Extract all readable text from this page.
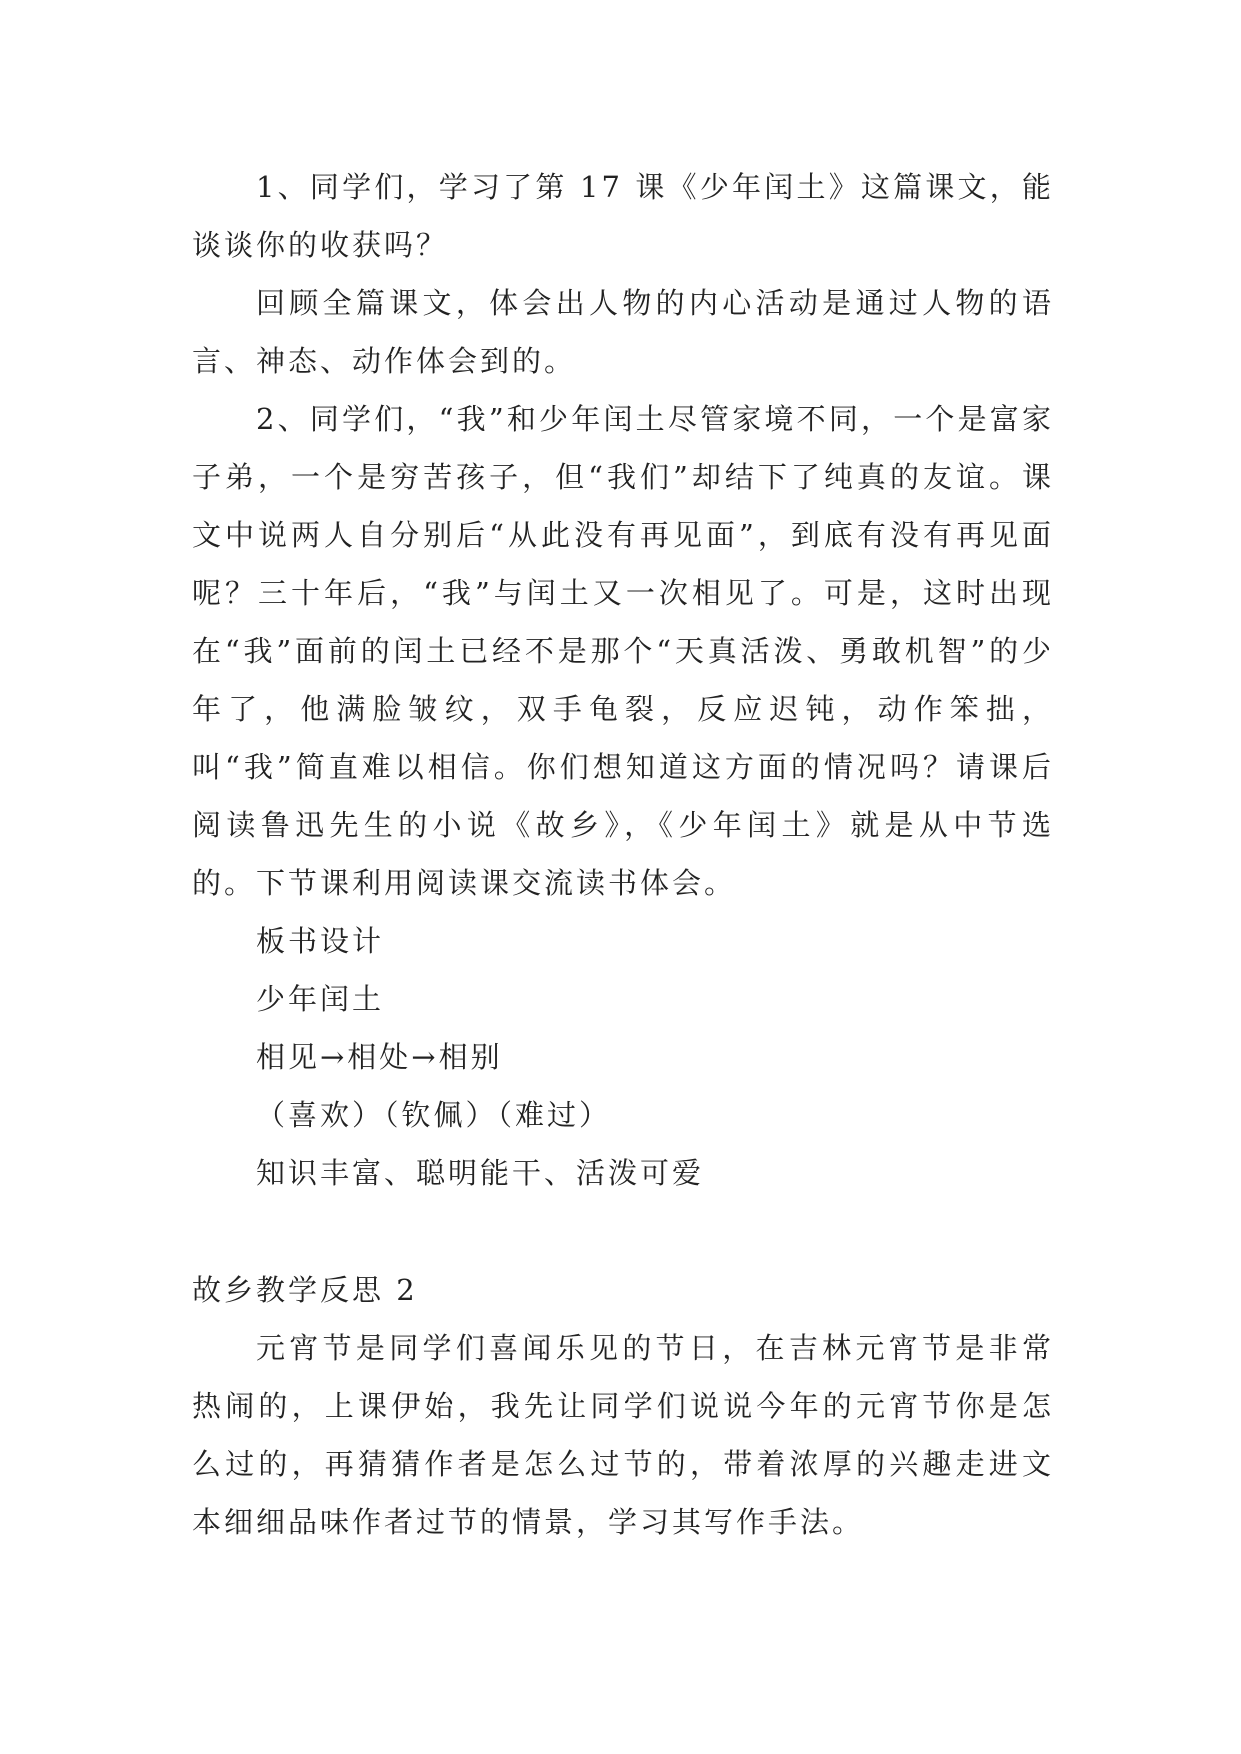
1、同学们，学习了第 17 课《少年闰土》这篇课文，能谈谈你的收获吗？

回顾全篇课文，体会出人物的内心活动是通过人物的语言、神态、动作体会到的。

2、同学们，“我”和少年闰土尽管家境不同，一个是富家子弟，一个是穷苦孩子，但“我们”却结下了纯真的友谊。课文中说两人自分别后“从此没有再见面”，到底有没有再见面呢？三十年后，“我”与闰土又一次相见了。可是，这时出现在“我”面前的闰土已经不是那个“天真活泼、勇敢机智”的少年了，他满脸皱纹，双手龟裂，反应迟钝，动作笨拙，叫“我”简直难以相信。你们想知道这方面的情况吗？请课后阅读鲁迅先生的小说《故乡》，《少年闰土》就是从中节选的。下节课利用阅读课交流读书体会。

板书设计

少年闰土

相见→相处→相别

（喜欢）（钦佩）（难过）

知识丰富、聪明能干、活泼可爱

故乡教学反思 2

元宵节是同学们喜闻乐见的节日，在吉林元宵节是非常热闹的，上课伊始，我先让同学们说说今年的元宵节你是怎么过的，再猜猜作者是怎么过节的，带着浓厚的兴趣走进文本细细品味作者过节的情景，学习其写作手法。
